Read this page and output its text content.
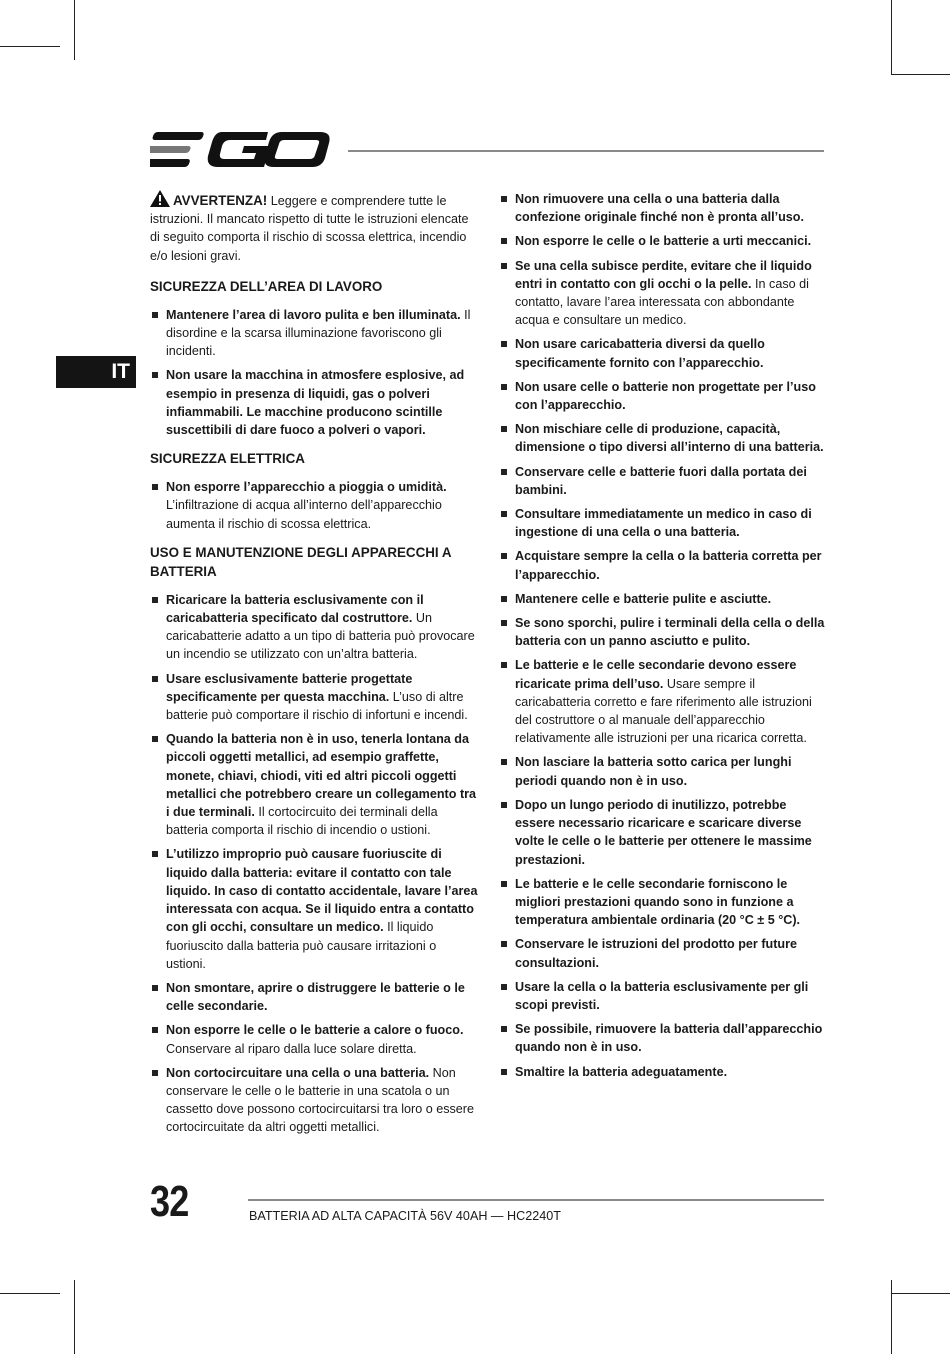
IT

AVVERTENZA! Leggere e comprendere tutte le istruzioni. Il mancato rispetto di tutte le istruzioni elencate di seguito comporta il rischio di scossa elettrica, incendio e/o lesioni gravi.

SICUREZZA DELL’AREA DI LAVORO
Mantenere l’area di lavoro pulita e ben illuminata. Il disordine e la scarsa illuminazione favoriscono gli incidenti.
Non usare la macchina in atmosfere esplosive, ad esempio in presenza di liquidi, gas o polveri infiammabili. Le macchine producono scintille suscettibili di dare fuoco a polveri o vapori.
SICUREZZA ELETTRICA
Non esporre l’apparecchio a pioggia o umidità. L’infiltrazione di acqua all’interno dell’apparecchio aumenta il rischio di scossa elettrica.
USO E MANUTENZIONE DEGLI APPARECCHI A BATTERIA
Ricaricare la batteria esclusivamente con il caricabatteria specificato dal costruttore. Un caricabatterie adatto a un tipo di batteria può provocare un incendio se utilizzato con un’altra batteria.
Usare esclusivamente batterie progettate specificamente per questa macchina. L’uso di altre batterie può comportare il rischio di infortuni e incendi.
Quando la batteria non è in uso, tenerla lontana da piccoli oggetti metallici, ad esempio graffette, monete, chiavi, chiodi, viti ed altri piccoli oggetti metallici che potrebbero creare un collegamento tra i due terminali. Il cortocircuito dei terminali della batteria comporta il rischio di incendio o ustioni.
L’utilizzo improprio può causare fuoriuscite di liquido dalla batteria: evitare il contatto con tale liquido. In caso di contatto accidentale, lavare l’area interessata con acqua. Se il liquido entra a contatto con gli occhi, consultare un medico. Il liquido fuoriuscito dalla batteria può causare irritazioni o ustioni.
Non smontare, aprire o distruggere le batterie o le celle secondarie.
Non esporre le celle o le batterie a calore o fuoco. Conservare al riparo dalla luce solare diretta.
Non cortocircuitare una cella o una batteria. Non conservare le celle o le batterie in una scatola o un cassetto dove possono cortocircuitarsi tra loro o essere cortocircuitate da altri oggetti metallici.
Non rimuovere una cella o una batteria dalla confezione originale finché non è pronta all’uso.
Non esporre le celle o le batterie a urti meccanici.
Se una cella subisce perdite, evitare che il liquido entri in contatto con gli occhi o la pelle. In caso di contatto, lavare l’area interessata con abbondante acqua e consultare un medico.
Non usare caricabatteria diversi da quello specificamente fornito con l’apparecchio.
Non usare celle o batterie non progettate per l’uso con l’apparecchio.
Non mischiare celle di produzione, capacità, dimensione o tipo diversi all’interno di una batteria.
Conservare celle e batterie fuori dalla portata dei bambini.
Consultare immediatamente un medico in caso di ingestione di una cella o una batteria.
Acquistare sempre la cella o la batteria corretta per l’apparecchio.
Mantenere celle e batterie pulite e asciutte.
Se sono sporchi, pulire i terminali della cella o della batteria con un panno asciutto e pulito.
Le batterie e le celle secondarie devono essere ricaricate prima dell’uso. Usare sempre il caricabatteria corretto e fare riferimento alle istruzioni del costruttore o al manuale dell’apparecchio relativamente alle istruzioni per una ricarica corretta.
Non lasciare la batteria sotto carica per lunghi periodi quando non è in uso.
Dopo un lungo periodo di inutilizzo, potrebbe essere necessario ricaricare e scaricare diverse volte le celle o le batterie per ottenere le massime prestazioni.
Le batterie e le celle secondarie forniscono le migliori prestazioni quando sono in funzione a temperatura ambientale ordinaria (20 °C ± 5 °C).
Conservare le istruzioni del prodotto per future consultazioni.
Usare la cella o la batteria esclusivamente per gli scopi previsti.
Se possibile, rimuovere la batteria dall’apparecchio quando non è in uso.
Smaltire la batteria adeguatamente.
32	BATTERIA AD ALTA CAPACITÀ 56V 40AH — HC2240T
